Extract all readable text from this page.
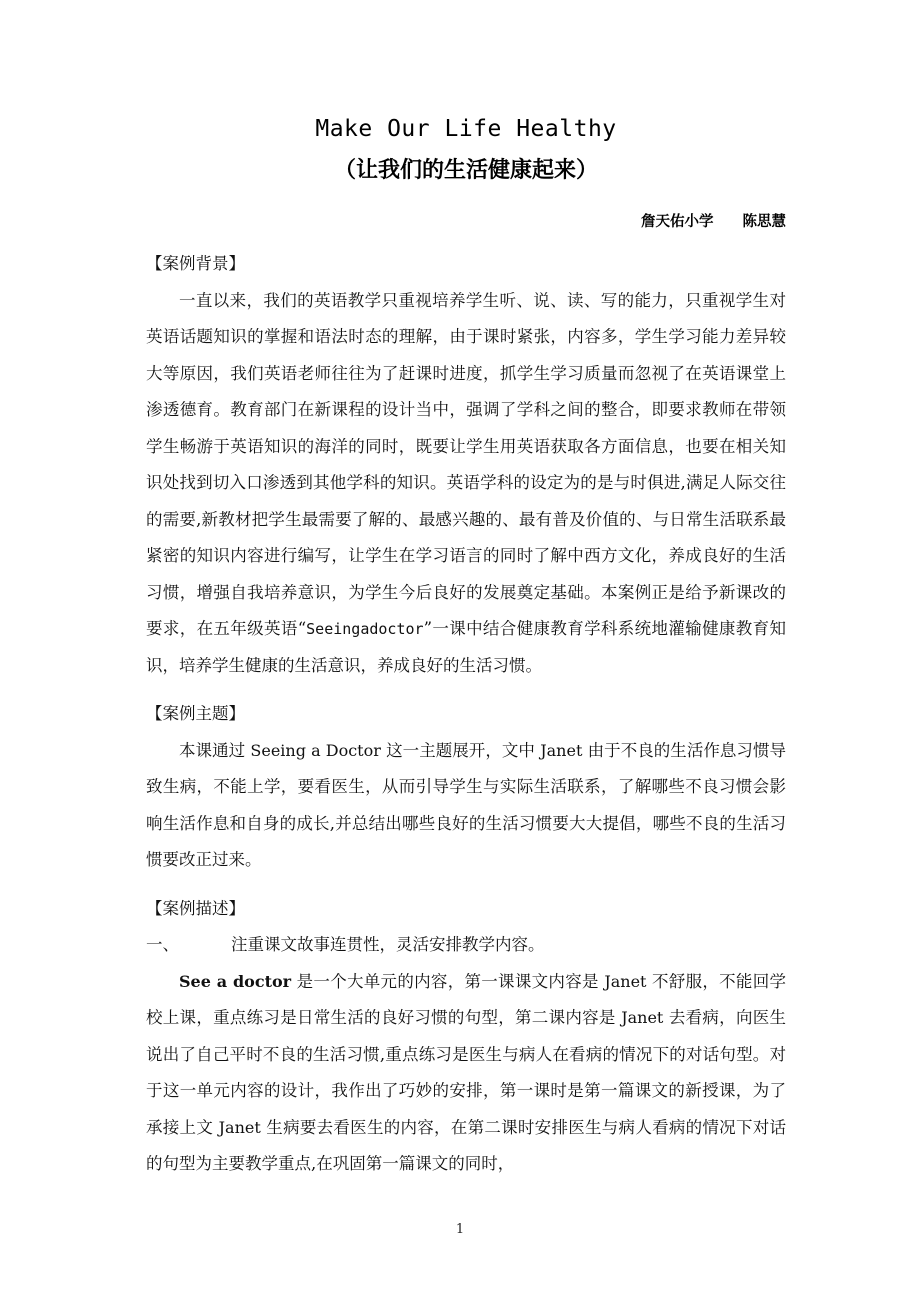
Make Our Life Healthy
（让我们的生活健康起来）
詹天佑小学　　陈思慧
【案例背景】

一直以来，我们的英语教学只重视培养学生听、说、读、写的能力，只重视学生对英语话题知识的掌握和语法时态的理解，由于课时紧张，内容多，学生学习能力差异较大等原因，我们英语老师往往为了赶课时进度，抓学生学习质量而忽视了在英语课堂上渗透德育。教育部门在新课程的设计当中，强调了学科之间的整合，即要求教师在带领学生畅游于英语知识的海洋的同时，既要让学生用英语获取各方面信息，也要在相关知识处找到切入口渗透到其他学科的知识。英语学科的设定为的是与时俱进,满足人际交往的需要,新教材把学生最需要了解的、最感兴趣的、最有普及价值的、与日常生活联系最紧密的知识内容进行编写，让学生在学习语言的同时了解中西方文化，养成良好的生活习惯，增强自我培养意识，为学生今后良好的发展奠定基础。本案例正是给予新课改的要求，在五年级英语“Seeingadoctor”一课中结合健康教育学科系统地灌输健康教育知识，培养学生健康的生活意识，养成良好的生活习惯。

【案例主题】

本课通过 Seeing a Doctor 这一主题展开，文中 Janet 由于不良的生活作息习惯导致生病，不能上学，要看医生，从而引导学生与实际生活联系，了解哪些不良习惯会影响生活作息和自身的成长,并总结出哪些良好的生活习惯要大大提倡，哪些不良的生活习惯要改正过来。

【案例描述】

一、	注重课文故事连贯性，灵活安排教学内容。

See a doctor 是一个大单元的内容，第一课课文内容是 Janet 不舒服，不能回学校上课，重点练习是日常生活的良好习惯的句型，第二课内容是 Janet 去看病，向医生说出了自己平时不良的生活习惯,重点练习是医生与病人在看病的情况下的对话句型。对于这一单元内容的设计，我作出了巧妙的安排，第一课时是第一篇课文的新授课，为了承接上文 Janet 生病要去看医生的内容，在第二课时安排医生与病人看病的情况下对话的句型为主要教学重点,在巩固第一篇课文的同时，

1
